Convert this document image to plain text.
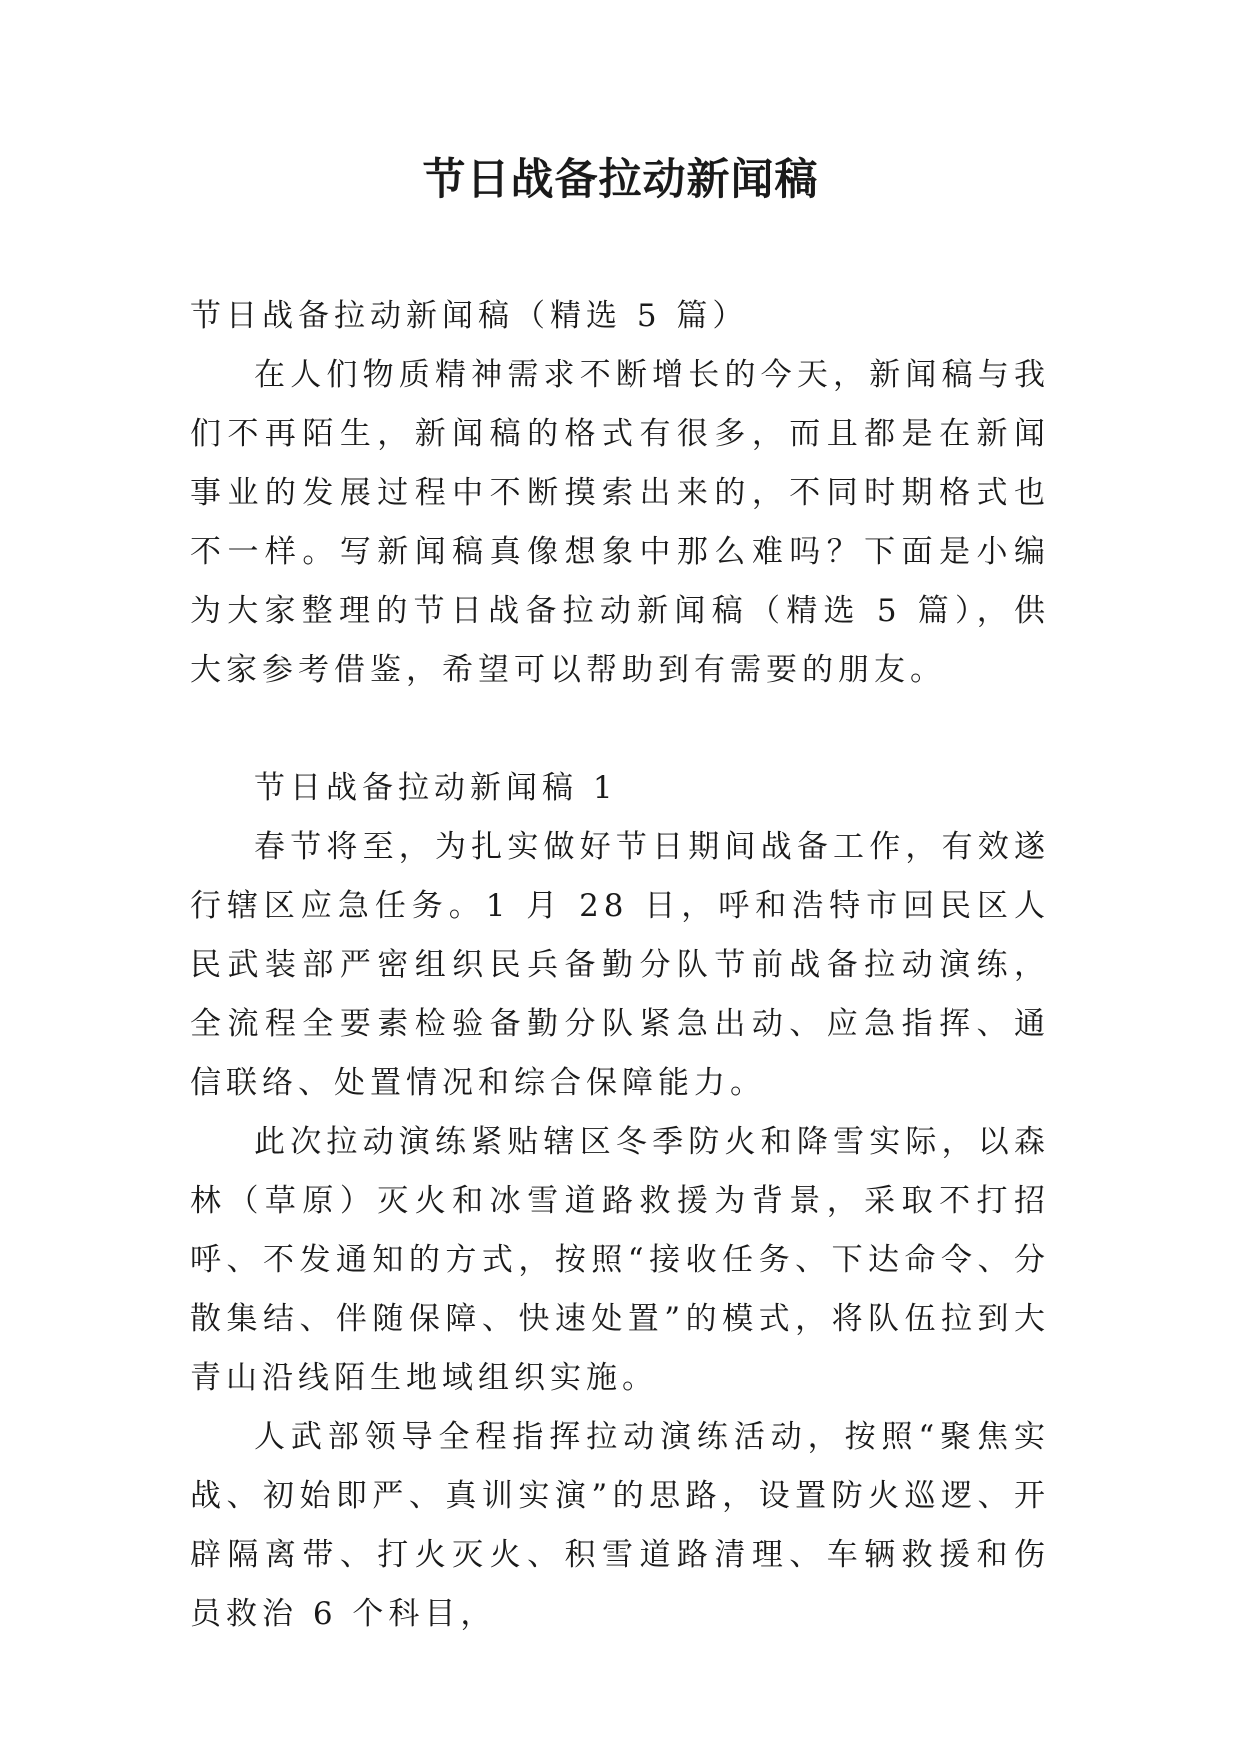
节日战备拉动新闻稿

节日战备拉动新闻稿（精选 5 篇）

在人们物质精神需求不断增长的今天，新闻稿与我们不再陌生，新闻稿的格式有很多，而且都是在新闻事业的发展过程中不断摸索出来的，不同时期格式也不一样。写新闻稿真像想象中那么难吗？下面是小编为大家整理的节日战备拉动新闻稿（精选 5 篇），供大家参考借鉴，希望可以帮助到有需要的朋友。

节日战备拉动新闻稿 1

春节将至，为扎实做好节日期间战备工作，有效遂行辖区应急任务。1 月 28 日，呼和浩特市回民区人民武装部严密组织民兵备勤分队节前战备拉动演练，全流程全要素检验备勤分队紧急出动、应急指挥、通信联络、处置情况和综合保障能力。

此次拉动演练紧贴辖区冬季防火和降雪实际，以森林（草原）灭火和冰雪道路救援为背景，采取不打招呼、不发通知的方式，按照“接收任务、下达命令、分散集结、伴随保障、快速处置”的模式，将队伍拉到大青山沿线陌生地域组织实施。

人武部领导全程指挥拉动演练活动，按照“聚焦实战、初始即严、真训实演”的思路，设置防火巡逻、开辟隔离带、打火灭火、积雪道路清理、车辆救援和伤员救治 6 个科目，
